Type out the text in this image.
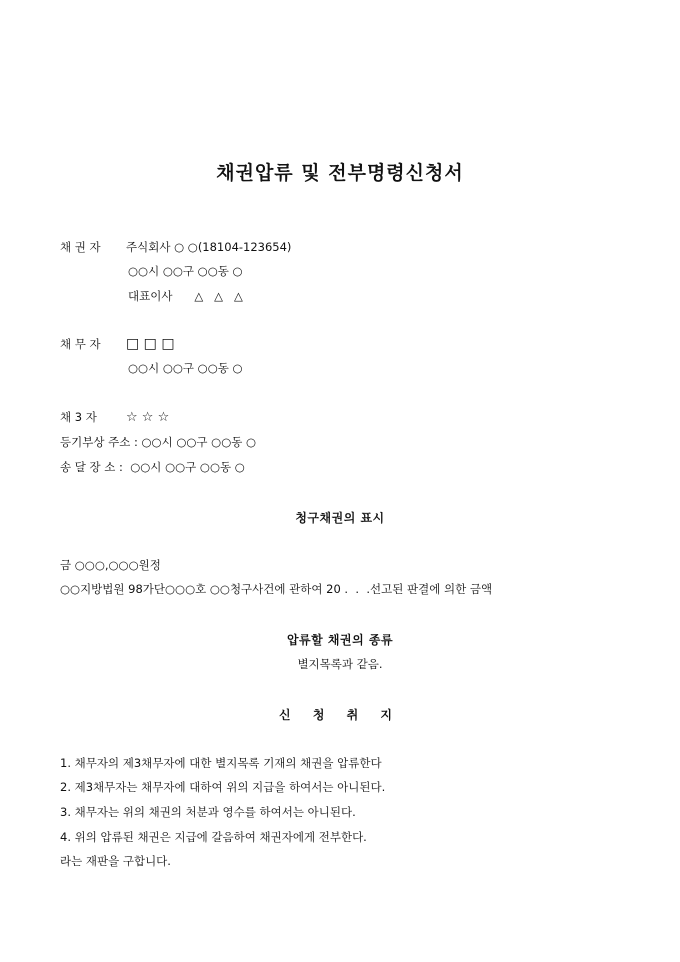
채권압류 및 전부명령신청서
채 권 자 주식회사 ○ ○(18104-123654)
○○시 ○○구 ○○동 ○
대표이사      △   △   △
채 무 자 □ □ □
○○시 ○○구 ○○동 ○
채 3 자 ☆ ☆ ☆
등기부상 주소 : ○○시 ○○구 ○○동 ○
송 달 장 소 :  ○○시 ○○구 ○○동 ○
청구채권의 표시
금 ○○○,○○○원정
○○지방법원 98가단○○○호 ○○청구사건에 관하여 20 .  .  .선고된 판결에 의한 금액
압류할 채권의 종류
별지목록과 같음.
신 청 취 지
1. 채무자의 제3채무자에 대한 별지목록 기재의 채권을 압류한다
2. 제3채무자는 채무자에 대하여 위의 지급을 하여서는 아니된다.
3. 채무자는 위의 채권의 처분과 영수를 하여서는 아니된다.
4. 위의 압류된 채권은 지급에 갈음하여 채권자에게 전부한다.
라는 재판을 구합니다.
